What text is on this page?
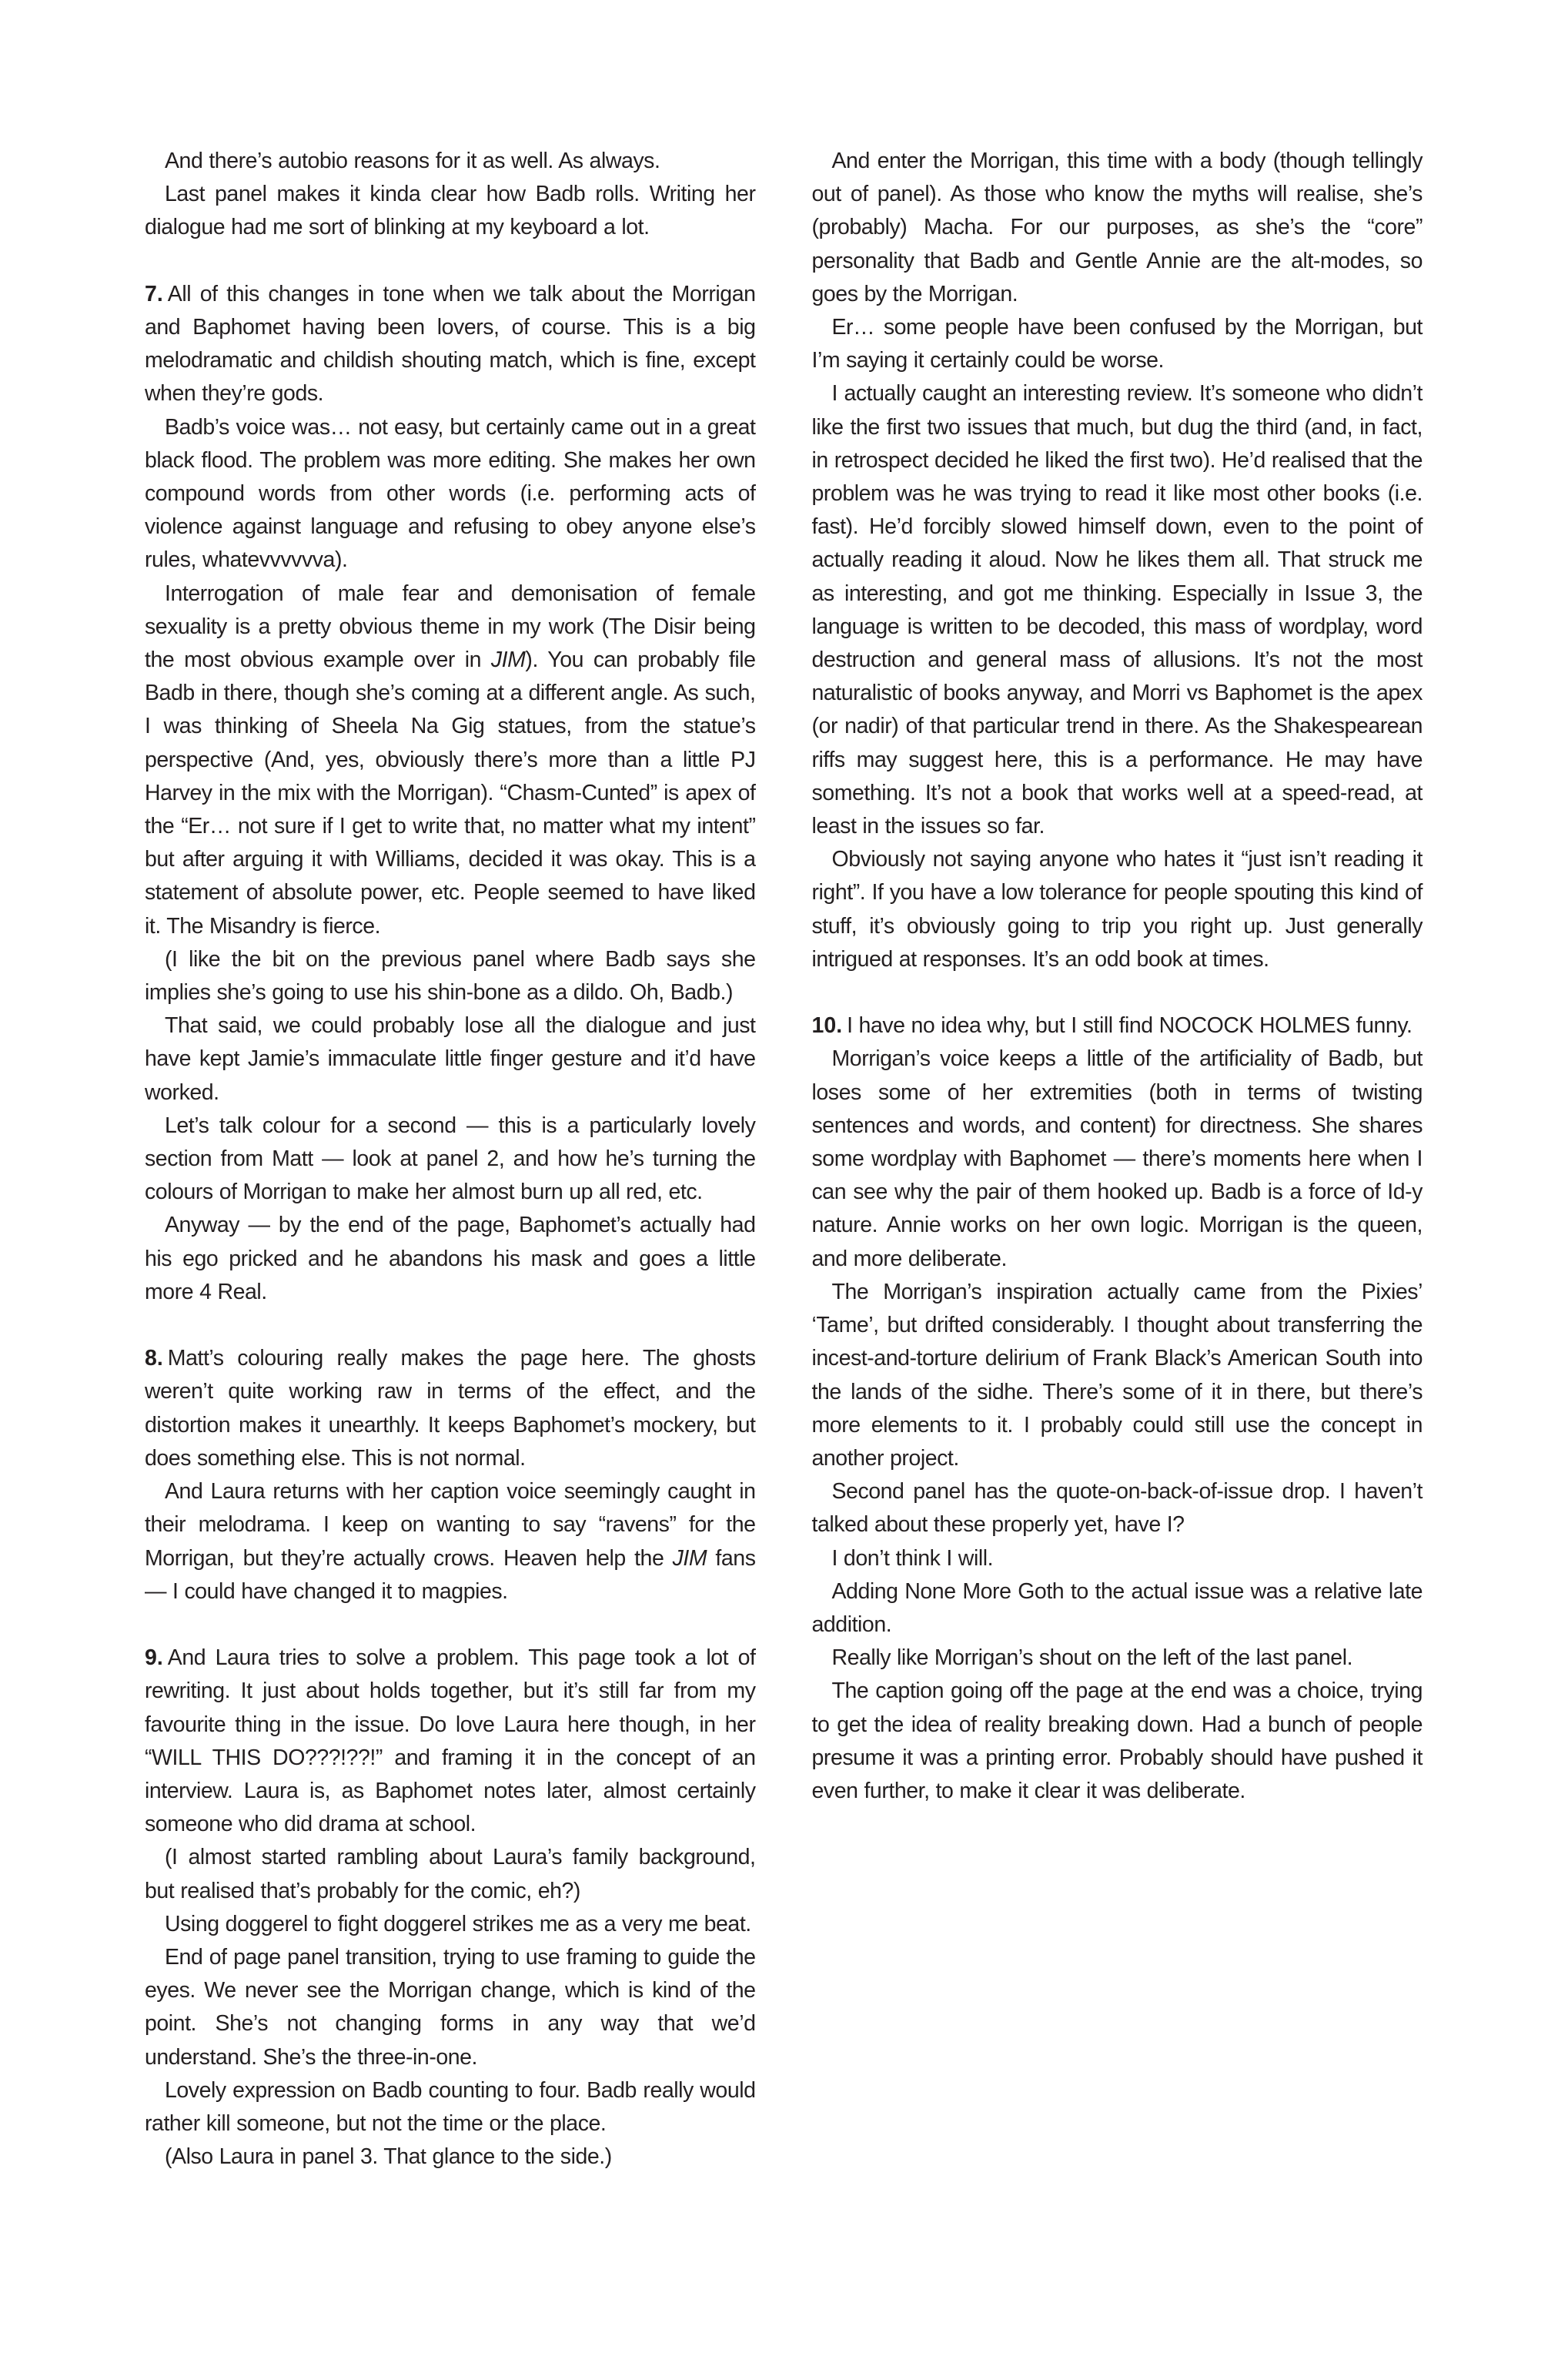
And there’s autobio reasons for it as well. As always.

Last panel makes it kinda clear how Badb rolls. Writing her dialogue had me sort of blinking at my keyboard a lot.

7. All of this changes in tone when we talk about the Morrigan and Baphomet having been lovers, of course. This is a big melodramatic and childish shouting match, which is fine, except when they’re gods.

Badb’s voice was… not easy, but certainly came out in a great black flood. The problem was more editing. She makes her own compound words from other words (i.e. performing acts of violence against language and refusing to obey anyone else’s rules, whatevvvvvva).

Interrogation of male fear and demonisation of female sexuality is a pretty obvious theme in my work (The Disir being the most obvious example over in JIM). You can probably file Badb in there, though she’s coming at a different angle. As such, I was thinking of Sheela Na Gig statues, from the statue’s perspective (And, yes, obviously there’s more than a little PJ Harvey in the mix with the Morrigan). “Chasm-Cunted” is apex of the “Er… not sure if I get to write that, no matter what my intent” but after arguing it with Williams, decided it was okay. This is a statement of absolute power, etc. People seemed to have liked it. The Misandry is fierce.

(I like the bit on the previous panel where Badb says she implies she’s going to use his shin-bone as a dildo. Oh, Badb.)

That said, we could probably lose all the dialogue and just have kept Jamie’s immaculate little finger gesture and it’d have worked.

Let’s talk colour for a second — this is a particularly lovely section from Matt — look at panel 2, and how he’s turning the colours of Morrigan to make her almost burn up all red, etc.

Anyway — by the end of the page, Baphomet’s actually had his ego pricked and he abandons his mask and goes a little more 4 Real.

8. Matt’s colouring really makes the page here. The ghosts weren’t quite working raw in terms of the effect, and the distortion makes it unearthly. It keeps Baphomet’s mockery, but does something else. This is not normal.

And Laura returns with her caption voice seemingly caught in their melodrama. I keep on wanting to say “ravens” for the Morrigan, but they’re actually crows. Heaven help the JIM fans — I could have changed it to magpies.

9. And Laura tries to solve a problem. This page took a lot of rewriting. It just about holds together, but it’s still far from my favourite thing in the issue. Do love Laura here though, in her “WILL THIS DO???!??!” and framing it in the concept of an interview. Laura is, as Baphomet notes later, almost certainly someone who did drama at school.

(I almost started rambling about Laura’s family background, but realised that’s probably for the comic, eh?)

Using doggerel to fight doggerel strikes me as a very me beat.

End of page panel transition, trying to use framing to guide the eyes. We never see the Morrigan change, which is kind of the point. She’s not changing forms in any way that we’d understand. She’s the three-in-one.

Lovely expression on Badb counting to four. Badb really would rather kill someone, but not the time or the place.

(Also Laura in panel 3. That glance to the side.)

And enter the Morrigan, this time with a body (though tellingly out of panel). As those who know the myths will realise, she’s (probably) Macha. For our purposes, as she’s the “core” personality that Badb and Gentle Annie are the alt-modes, so goes by the Morrigan.

Er… some people have been confused by the Morrigan, but I’m saying it certainly could be worse.

I actually caught an interesting review. It’s someone who didn’t like the first two issues that much, but dug the third (and, in fact, in retrospect decided he liked the first two). He’d realised that the problem was he was trying to read it like most other books (i.e. fast). He’d forcibly slowed himself down, even to the point of actually reading it aloud. Now he likes them all. That struck me as interesting, and got me thinking. Especially in Issue 3, the language is written to be decoded, this mass of wordplay, word destruction and general mass of allusions. It’s not the most naturalistic of books anyway, and Morri vs Baphomet is the apex (or nadir) of that particular trend in there. As the Shakespearean riffs may suggest here, this is a performance. He may have something. It’s not a book that works well at a speed-read, at least in the issues so far.

Obviously not saying anyone who hates it “just isn’t reading it right”. If you have a low tolerance for people spouting this kind of stuff, it’s obviously going to trip you right up. Just generally intrigued at responses. It’s an odd book at times.

10. I have no idea why, but I still find NOCOCK HOLMES funny.

Morrigan’s voice keeps a little of the artificiality of Badb, but loses some of her extremities (both in terms of twisting sentences and words, and content) for directness. She shares some wordplay with Baphomet — there’s moments here when I can see why the pair of them hooked up. Badb is a force of Id-y nature. Annie works on her own logic. Morrigan is the queen, and more deliberate.

The Morrigan’s inspiration actually came from the Pixies’ ‘Tame’, but drifted considerably. I thought about transferring the incest-and-torture delirium of Frank Black’s American South into the lands of the sidhe. There’s some of it in there, but there’s more elements to it. I probably could still use the concept in another project.

Second panel has the quote-on-back-of-issue drop. I haven’t talked about these properly yet, have I?

I don’t think I will.

Adding None More Goth to the actual issue was a relative late addition.

Really like Morrigan’s shout on the left of the last panel.

The caption going off the page at the end was a choice, trying to get the idea of reality breaking down. Had a bunch of people presume it was a printing error. Probably should have pushed it even further, to make it clear it was deliberate.
